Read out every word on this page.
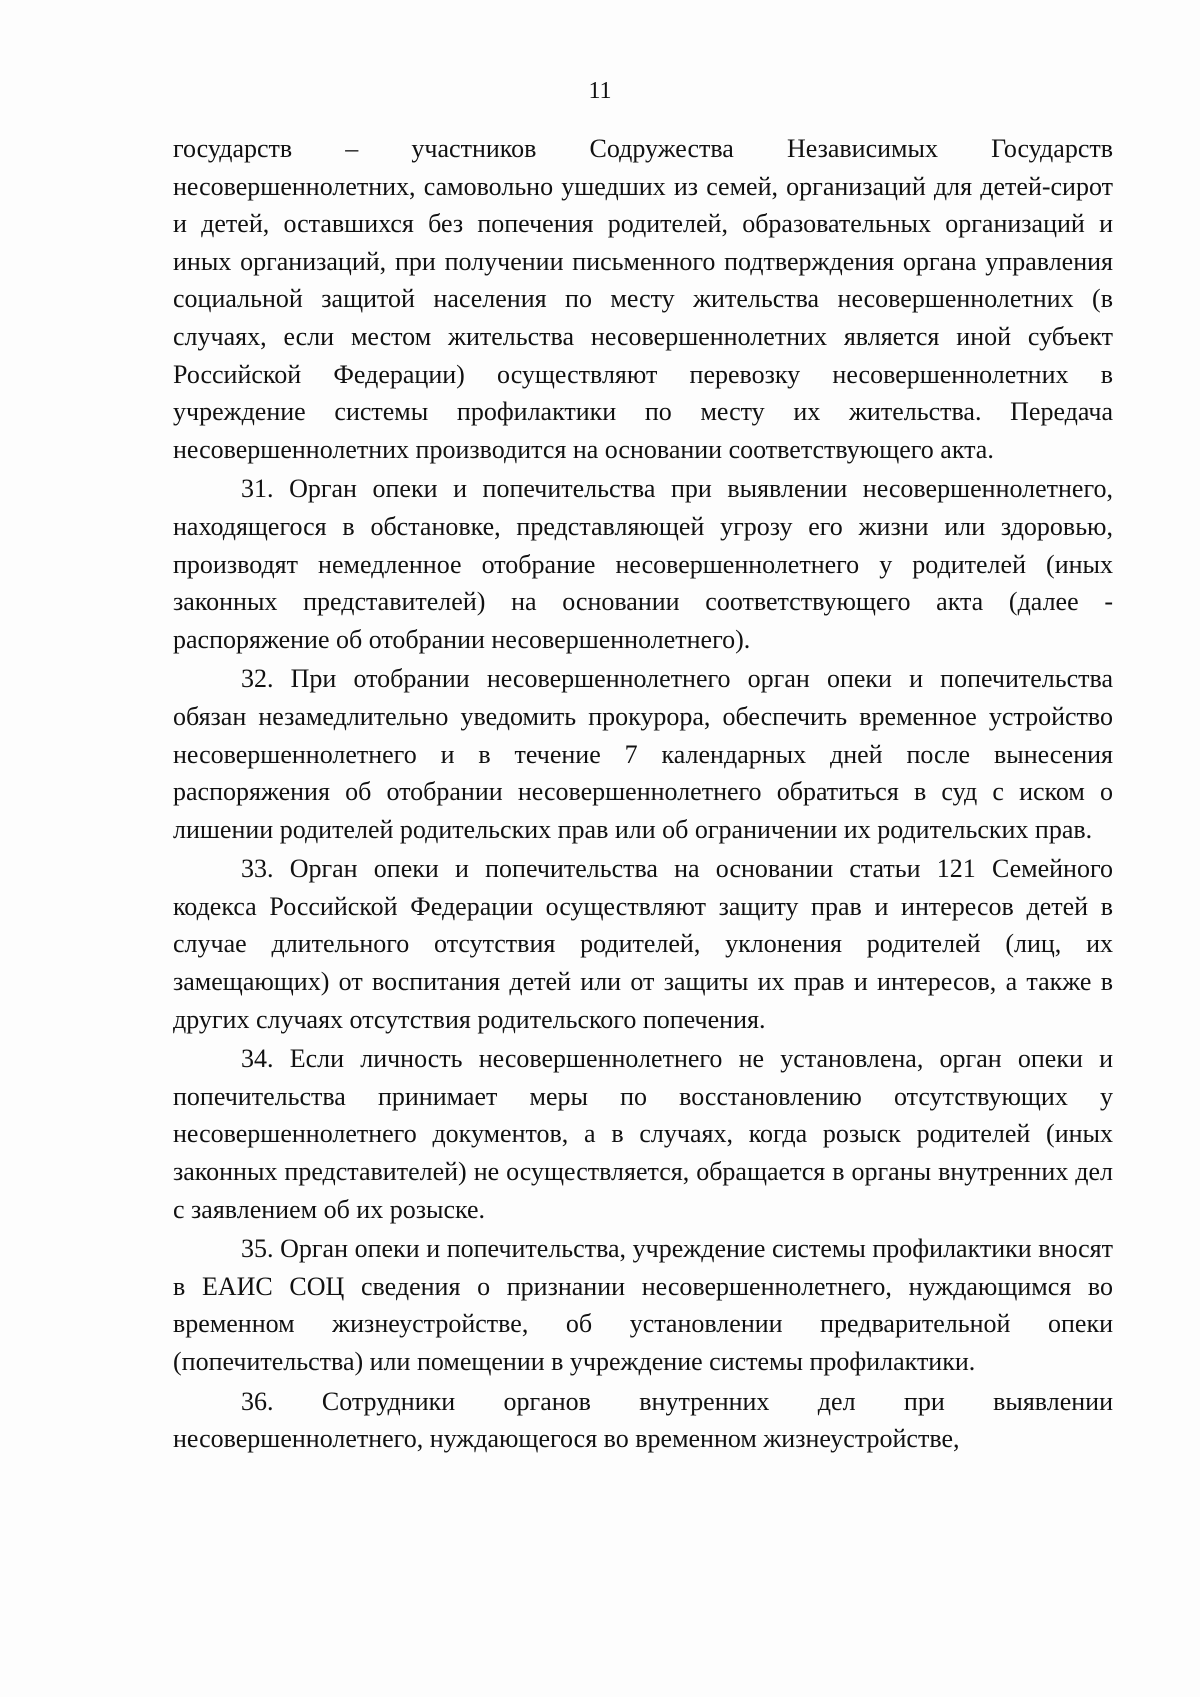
11

государств – участников Содружества Независимых Государств несовершеннолетних, самовольно ушедших из семей, организаций для детей-сирот и детей, оставшихся без попечения родителей, образовательных организаций и иных организаций, при получении письменного подтверждения органа управления социальной защитой населения по месту жительства несовершеннолетних (в случаях, если местом жительства несовершеннолетних является иной субъект Российской Федерации) осуществляют перевозку несовершеннолетних в учреждение системы профилактики по месту их жительства. Передача несовершеннолетних производится на основании соответствующего акта.

31. Орган опеки и попечительства при выявлении несовершеннолетнего, находящегося в обстановке, представляющей угрозу его жизни или здоровью, производят немедленное отобрание несовершеннолетнего у родителей (иных законных представителей) на основании соответствующего акта (далее - распоряжение об отобрании несовершеннолетнего).

32. При отобрании несовершеннолетнего орган опеки и попечительства обязан незамедлительно уведомить прокурора, обеспечить временное устройство несовершеннолетнего и в течение 7 календарных дней после вынесения распоряжения об отобрании несовершеннолетнего обратиться в суд с иском о лишении родителей родительских прав или об ограничении их родительских прав.

33. Орган опеки и попечительства на основании статьи 121 Семейного кодекса Российской Федерации осуществляют защиту прав и интересов детей в случае длительного отсутствия родителей, уклонения родителей (лиц, их замещающих) от воспитания детей или от защиты их прав и интересов, а также в других случаях отсутствия родительского попечения.

34. Если личность несовершеннолетнего не установлена, орган опеки и попечительства принимает меры по восстановлению отсутствующих у несовершеннолетнего документов, а в случаях, когда розыск родителей (иных законных представителей) не осуществляется, обращается в органы внутренних дел с заявлением об их розыске.

35. Орган опеки и попечительства, учреждение системы профилактики вносят в ЕАИС СОЦ сведения о признании несовершеннолетнего, нуждающимся во временном жизнеустройстве, об установлении предварительной опеки (попечительства) или помещении в учреждение системы профилактики.

36. Сотрудники органов внутренних дел при выявлении несовершеннолетнего, нуждающегося во временном жизнеустройстве,
